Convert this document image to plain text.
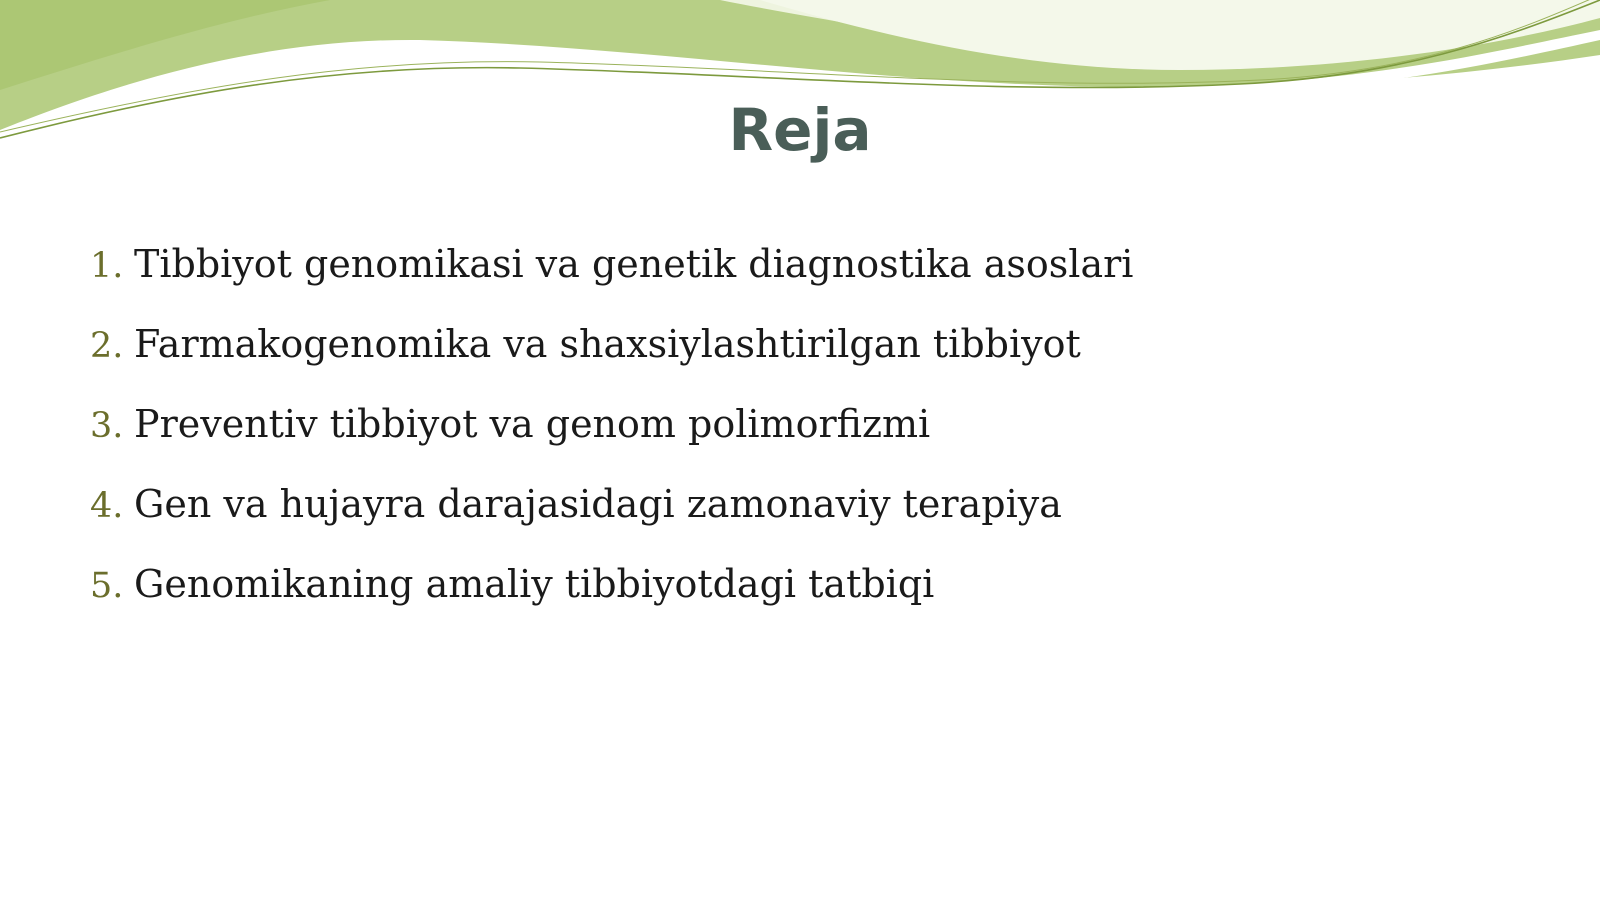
Reja
1. Tibbiyot genomikasi va genetik diagnostika asoslari
2. Farmakogenomika va shaxsiylashtirilgan tibbiyot
3. Preventiv tibbiyot va genom polimorfizmi
4. Gen va hujayra darajasidagi zamonaviy terapiya
5. Genomikaning amaliy tibbiyotdagi tatbiqi
